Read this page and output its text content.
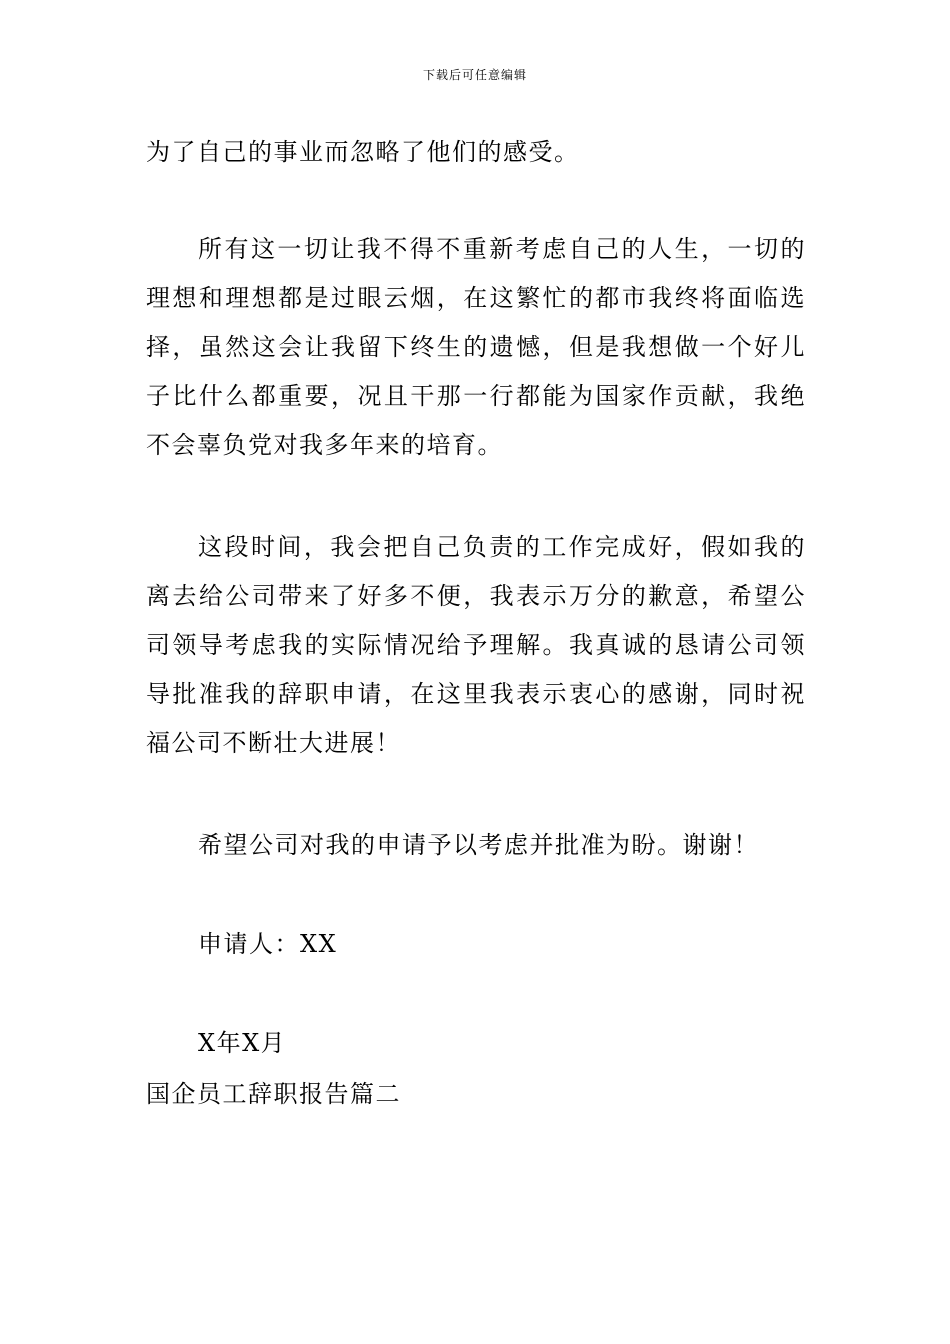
下载后可任意编辑
为了自己的事业而忽略了他们的感受。

所有这一切让我不得不重新考虑自己的人生，一切的理想和理想都是过眼云烟，在这繁忙的都市我终将面临选择，虽然这会让我留下终生的遗憾，但是我想做一个好儿子比什么都重要，况且干那一行都能为国家作贡献，我绝不会辜负党对我多年来的培育。

这段时间，我会把自己负责的工作完成好，假如我的离去给公司带来了好多不便，我表示万分的歉意，希望公司领导考虑我的实际情况给予理解。我真诚的恳请公司领导批准我的辞职申请，在这里我表示衷心的感谢，同时祝福公司不断壮大进展！

希望公司对我的申请予以考虑并批准为盼。谢谢！
申请人：XX
X年X月
国企员工辞职报告篇二
